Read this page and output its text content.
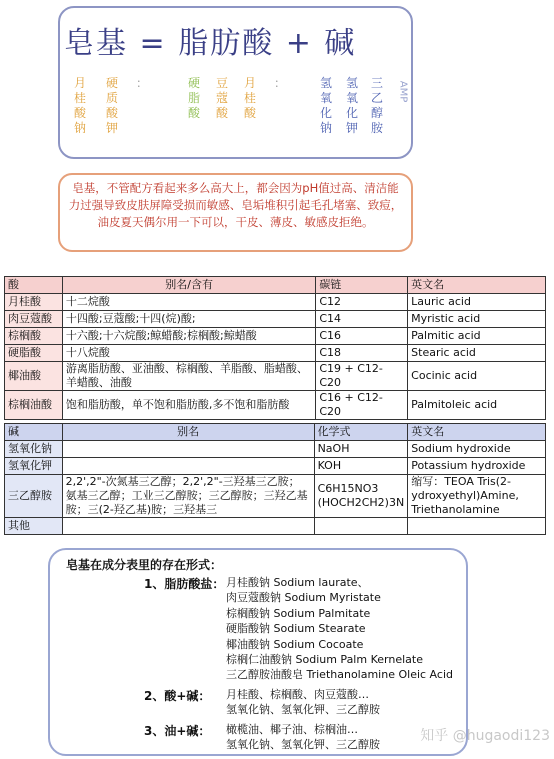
皂基 = 脂肪酸 + 碱
月桂酸钠
硬质酸钾
：	硬脂酸
豆蔻酸
月桂酸
：	氢氧化钠
氢氧化钾
三乙醇胺
AMP
皂基，不管配方看起来多么高大上，都会因为pH值过高、清洁能力过强导致皮肤屏障受损而敏感、皂垢堆积引起毛孔堵塞、致痘，油皮夏天偶尔用一下可以，干皮、薄皮、敏感皮拒绝。
酸	别名/含有	碳链	英文名
月桂酸	十二烷酸	C12	Lauric acid
肉豆蔻酸	十四酸;豆蔻酸;十四(烷)酸;	C14	Myristic acid
棕榈酸	十六酸;十六烷酸;鲸蜡酸;棕榈酸;鲸蜡酸	C16	Palmitic acid
硬脂酸	十八烷酸	C18	Stearic acid
椰油酸	游离脂肪酸、亚油酸、棕榈酸、羊脂酸、脂蜡酸、羊蜡酸、油酸	C19 + C12-C20	Cocinic acid
棕榈油酸	饱和脂肪酸，单不饱和脂肪酸,多不饱和脂肪酸	C16 + C12-C20	Palmitoleic acid
碱	别名	化学式	英文名
氢氧化钠		NaOH	Sodium hydroxide
氢氧化钾		KOH	Potassium hydroxide
三乙醇胺	2,2',2"-次氮基三乙醇；2,2',2"-三羟基三乙胺；氨基三乙醇；工业三乙醇胺；三乙醇胺；三羟乙基胺；三(2-羟乙基)胺；三羟基三	C6H15NO3 (HOCH2CH2)3N	缩写：TEOA Tris(2-ydroxyethyl)Amine, Triethanolamine
其他			
皂基在成分表里的存在形式：
1、脂肪酸盐： 月桂酸钠 Sodium laurate、
肉豆蔻酸钠 Sodium Myristate
棕榈酸钠 Sodium Palmitate
硬脂酸钠 Sodium Stearate
椰油酸钠 Sodium Cocoate
棕榈仁油酸钠 Sodium Palm Kernelate
三乙醇胺油酸皂 Triethanolamine Oleic Acid
2、酸+碱： 月桂酸、棕榈酸、肉豆蔻酸…
氢氧化钠、氢氧化钾、三乙醇胺
3、油+碱： 橄榄油、椰子油、棕榈油…
氢氧化钠、氢氧化钾、三乙醇胺
知乎 @hugaodi123
